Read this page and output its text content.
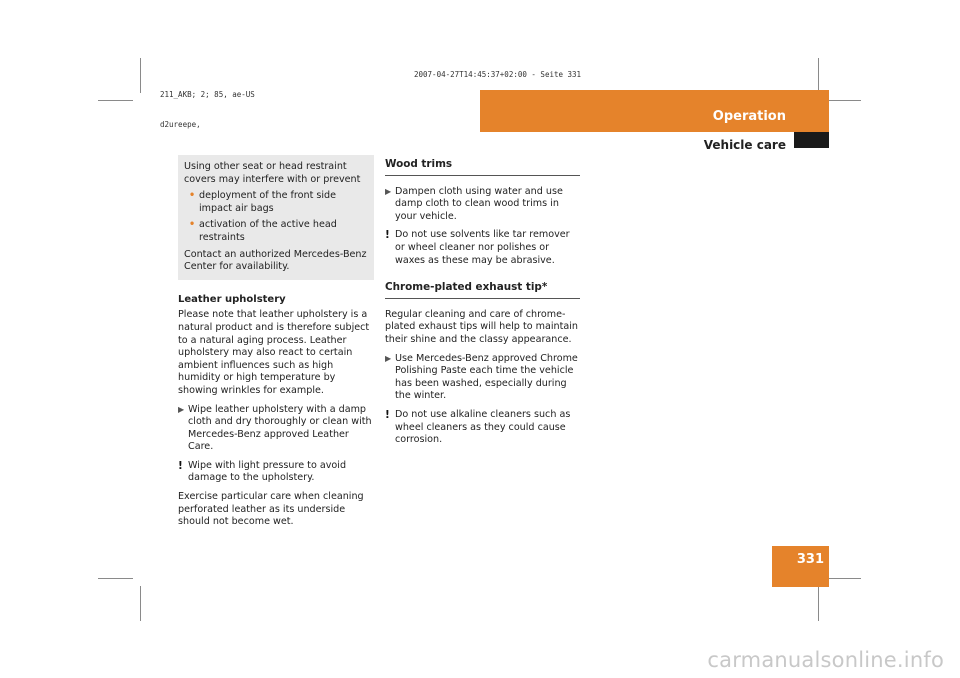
211_AKB; 2; 85, ae-US

d2ureepe,

2007-04-27T14:45:37+02:00 - Seite 331
Operation
Vehicle care
331

Using other seat or head restraint covers may interfere with or prevent

• deployment of the front side impact air bags
• activation of the active head restraints

Contact an authorized Mercedes-Benz Center for availability.

Leather upholstery

Please note that leather upholstery is a natural product and is therefore subject to a natural aging process. Leather upholstery may also react to certain ambient influences such as high humidity or high temperature by showing wrinkles for example.

▶ Wipe leather upholstery with a damp cloth and dry thoroughly or clean with Mercedes-Benz approved Leather Care.
! Wipe with light pressure to avoid damage to the upholstery.

Exercise particular care when cleaning perforated leather as its underside should not become wet.

Wood trims
▶ Dampen cloth using water and use damp cloth to clean wood trims in your vehicle.
! Do not use solvents like tar remover or wheel cleaner nor polishes or waxes as these may be abrasive.
Chrome-plated exhaust tip*

Regular cleaning and care of chrome-plated exhaust tips will help to maintain their shine and the classy appearance.

▶ Use Mercedes-Benz approved Chrome Polishing Paste each time the vehicle has been washed, especially during the winter.
! Do not use alkaline cleaners such as wheel cleaners as they could cause corrosion.
carmanualsonline.info
